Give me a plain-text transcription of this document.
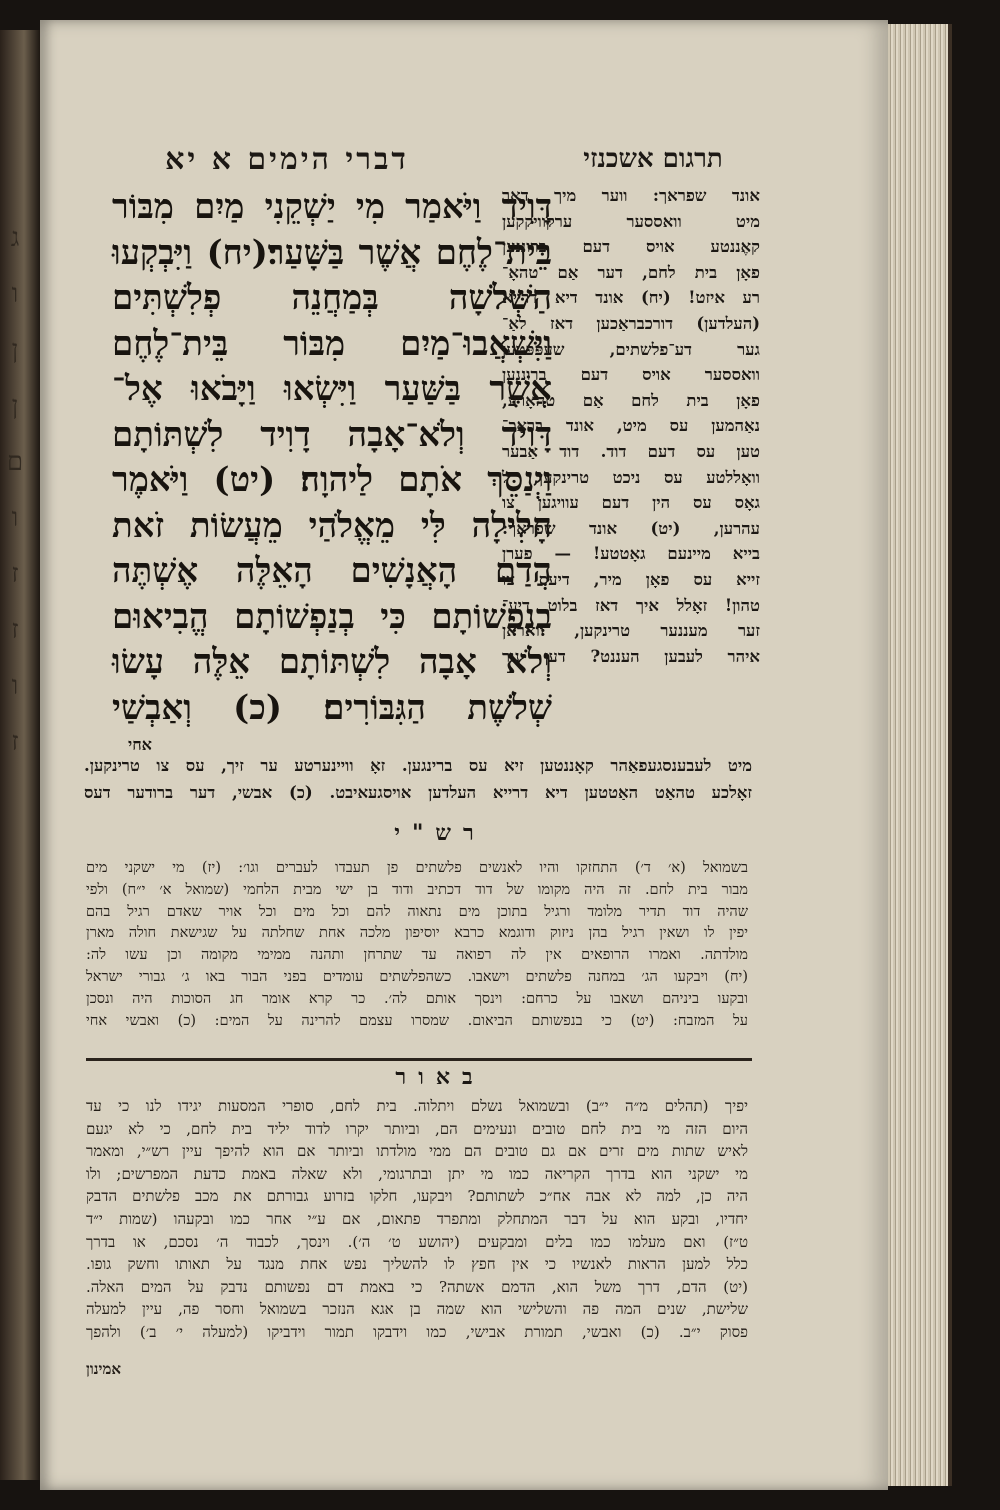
ג
ו
ן
ן
ם
ו
ז
ז
ו
ז
דברי הימים א יא	תרגום אשכנזי
דָּוִיד וַיֹּאמַר מִי יַשְׁקֵנִי מַיִם מִבּוֹר
בֵּית־לֶחֶם אֲשֶׁר בַּשָּׁעַר׃(יח) וַיִּבְקְעוּ
הַשְּׁלֹשָׁה בְּמַחֲנֵה פְלִשְׁתִּים
וַיִּשְׁאֲבוּ־מַיִם מִבּוֹר בֵּית־לֶחֶם
אֲשֶׁר בַּשַּׁעַר וַיִּשְׂאוּ וַיָּבֹאוּ אֶל־
דָּוִיד וְלֹא־אָבָה דָוִיד לִשְׁתּוֹתָם
וַיְנַסֵּךְ אֹתָם לַיהוָה׃ (יט) וַיֹּאמֶר
חָלִילָה לִּי מֵאֱלֹהַי מֵעֲשׂוֹת זֹאת
הֲדַם הָאֲנָשִׁים הָאֵלֶּה אֶשְׁתֶּה
בְנַפְשׁוֹתָם כִּי בְנַפְשׁוֹתָם הֱבִיאוּם
וְלֹא אָבָה לִשְׁתּוֹתָם אֵלֶּה עָשׂוּ
שְׁלֹשֶׁת הַגִּבּוֹרִים׃ (כ) וְאַבְשַׁי
אחי
אונד שפראך: ווער מיך דאך
מיט וואססער ערקוויקקען
קאֶננטע אויס דעם ברוננען
פאָן בית לחם, דער אַם טהאָ־
רע איזט! (יח) אונד דיא דרייא
(העלדען) דורכבראַכען דאז לאַ־
גער דע־פלשתים, שעפּפּטען
וואססער אויס דעם ברוננען
פאָן בית לחם אַם טהאָרע,
נאַהמען עס מיט, אונד בראַכ־
טען עס דעם דוד. דוד אַבער
וואָללטע עס ניכט טרינקען, ל
גאָס עס הין דעם עוויגען צו
עהרען, (יט) אונד שפראך:
בייא מיינעם גאָטטע! — פערן
זייא עס פאָן מיר, דיעס צו
טהון! זאָלל איך דאז בלוט דיע־
זער מעננער טרינקען, וואראן
איהר לעבען העננט? דען נור
מיט לעבענסגעפאַהר קאָננטען זיא עס ברינגען. זאָ וויינערטע ער זיך, עס צו טרינקען.
זאָלכע טהאַט האַטטען דיא דרייא העלדען אויסגעאיבט. (כ) אבשי, דער ברודער דעס
רש"י
בשמואל (א׳ ד׳) התחזקו והיו לאנשים פלשתים פן תעבדו לעברים וגו׳: (יז) מי ישקני מים
מבור בית לחם. זה היה מקומו של דוד דכתיב ודוד בן ישי מבית הלחמי (שמואל א׳ י״ח) ולפי
שהיה דוד תדיר מלומד ורגיל בתוכן מים נתאוה להם וכל מים וכל אויר שאדם רגיל בהם
יפין לו ושאין רגיל בהן ניזוק ודוגמא כרבא יוסיפון מלכה אחת שחלתה על שגישאת חולה מארן
מולדתה. ואמרו הרופאים אין לה רפואה עד שתרחן ותהנה ממימי מקומה וכן עשו לה:
(יח) ויבקעו הג׳ במחנה פלשתים וישאבו. כשהפלשתים עומדים בפני הבור באו ג׳ גבורי ישראל
ובקעו ביניהם ושאבו על כרחם: וינסך אותם לה׳. כר קרא אומר חג הסוכות היה ונסכן
על המזבח: (יט) כי בנפשותם הביאום. שמסרו עצמם להרינה על המים: (כ) ואבשי אחי
באור
יפיך (תהלים מ״ה י״ב) ובשמואל נשלם ויתלוה. בית לחם, סופרי המסעות יגידו לנו כי עד
היום הזה מי בית לחם טובים ונעימים הם, וביותר יקרו לדוד יליד בית לחם, כי לא יגעם
לאיש שתות מים זרים אם גם טובים הם ממי מולדתו וביותר אם הוא להיפך עיין רש״י, ומאמר
מי ישקני הוא בדרך הקריאה כמו מי יתן ובתרגומי, ולא שאלה באמת כדעת המפרשים; ולו
היה כן, למה לא אבה אח״כ לשתותם? ויבקעו, חלקו בזרוע גבורתם את מכב פלשתים הדבק
יחדיו, ובקע הוא על דבר המתחלק ומתפרד פתאום, אם ע״י אחר כמו ובקעהו (שמות י״ד
ט״ז) ואם מעלמו כמו בלים ומבקעים (יהושע ט׳ ה׳). וינסך, לכבוד ה׳ נסכם, או בדרך
כלל למען הראות לאנשיו כי אין חפץ לו להשליך נפש אחת מנגד על תאותו וחשק גופו.
(יט) הדם, דרך משל הוא, הדמם אשתה? כי באמת דם נפשותם נדבק על המים האלה.
שלישת, שנים המה פה והשלישי הוא שמה בן אגא הנזכר בשמואל וחסר פה, עיין למעלה
פסוק י״ב. (כ) ואבשי, תמורת אבישי, כמו וידבקו תמור וידביקו (למעלה י׳ ב׳) ולהפך
אמינון
